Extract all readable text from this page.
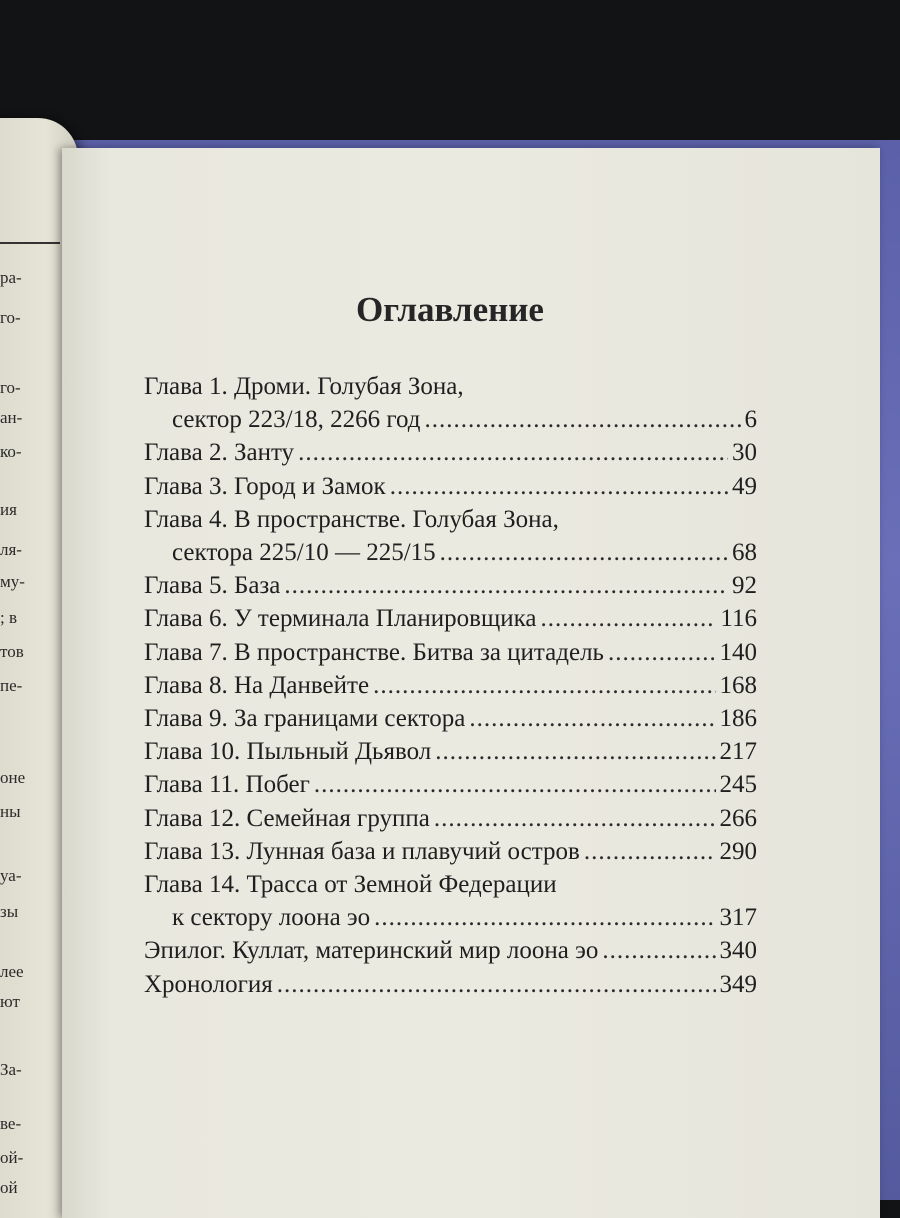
ра-
го-
го-
ан-
ко-
ия
ля-
му-
; в
тов
пе-
оне
ны
уа-
зы
лее
ют
За-
ве-
ой-
ой
Оглавление
Глава 1. Дроми. Голубая Зона,
сектор 223/18, 2266 год .....	6
Глава 2. Занту .....	30
Глава 3. Город и Замок .....	49
Глава 4. В пространстве. Голубая Зона,
сектора 225/10 — 225/15 .....	68
Глава 5. База .....	92
Глава 6. У терминала Планировщика .....	116
Глава 7. В пространстве. Битва за цитадель .....	140
Глава 8. На Данвейте .....	168
Глава 9. За границами сектора .....	186
Глава 10. Пыльный Дьявол .....	217
Глава 11. Побег .....	245
Глава 12. Семейная группа .....	266
Глава 13. Лунная база и плавучий остров .....	290
Глава 14. Трасса от Земной Федерации
к сектору лоона эо .....	317
Эпилог. Куллат, материнский мир лоона эо .....	340
Хронология .....	349
